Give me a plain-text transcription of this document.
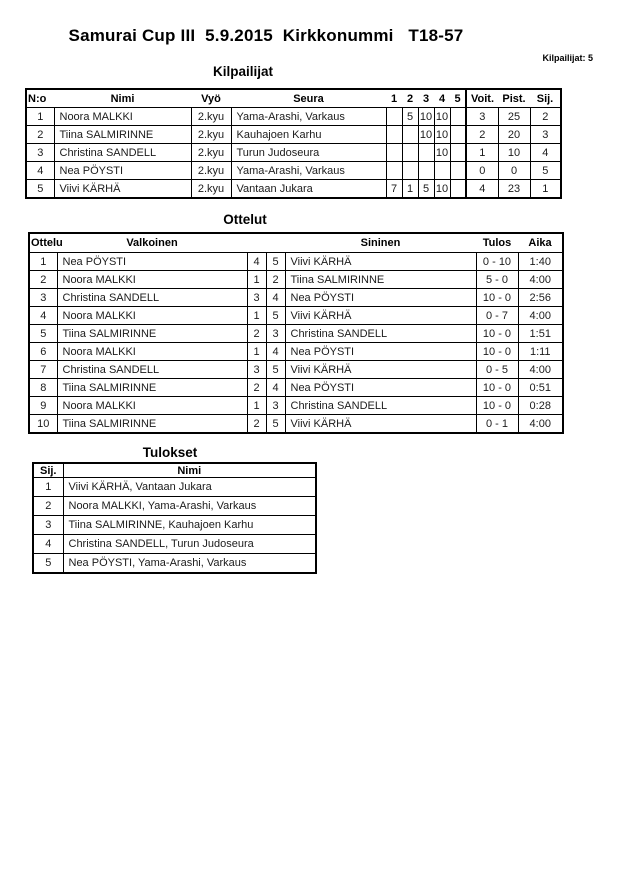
Samurai Cup III  5.9.2015  Kirkkonummi   T18-57
Kilpailijat: 5
Kilpailijat
N:o	Nimi	Vyö	Seura	1	2	3	4	5	Voit.	Pist.	Sij.
1	Noora MALKKI	2.kyu	Yama-Arashi, Varkaus		5	10	10		3	25	2
2	Tiina SALMIRINNE	2.kyu	Kauhajoen Karhu			10	10		2	20	3
3	Christina SANDELL	2.kyu	Turun Judoseura				10		1	10	4
4	Nea PÖYSTI	2.kyu	Yama-Arashi, Varkaus						0	0	5
5	Viivi KÄRHÄ	2.kyu	Vantaan Jukara	7	1	5	10		4	23	1
Ottelut
Ottelu	Valkoinen			Sininen	Tulos	Aika
1	Nea PÖYSTI	4	5	Viivi KÄRHÄ	0 - 10	1:40
2	Noora MALKKI	1	2	Tiina SALMIRINNE	5 - 0	4:00
3	Christina SANDELL	3	4	Nea PÖYSTI	10 - 0	2:56
4	Noora MALKKI	1	5	Viivi KÄRHÄ	0 - 7	4:00
5	Tiina SALMIRINNE	2	3	Christina SANDELL	10 - 0	1:51
6	Noora MALKKI	1	4	Nea PÖYSTI	10 - 0	1:11
7	Christina SANDELL	3	5	Viivi KÄRHÄ	0 - 5	4:00
8	Tiina SALMIRINNE	2	4	Nea PÖYSTI	10 - 0	0:51
9	Noora MALKKI	1	3	Christina SANDELL	10 - 0	0:28
10	Tiina SALMIRINNE	2	5	Viivi KÄRHÄ	0 - 1	4:00
Tulokset
Sij.	Nimi
1	Viivi KÄRHÄ, Vantaan Jukara
2	Noora MALKKI, Yama-Arashi, Varkaus
3	Tiina SALMIRINNE, Kauhajoen Karhu
4	Christina SANDELL, Turun Judoseura
5	Nea PÖYSTI, Yama-Arashi, Varkaus
